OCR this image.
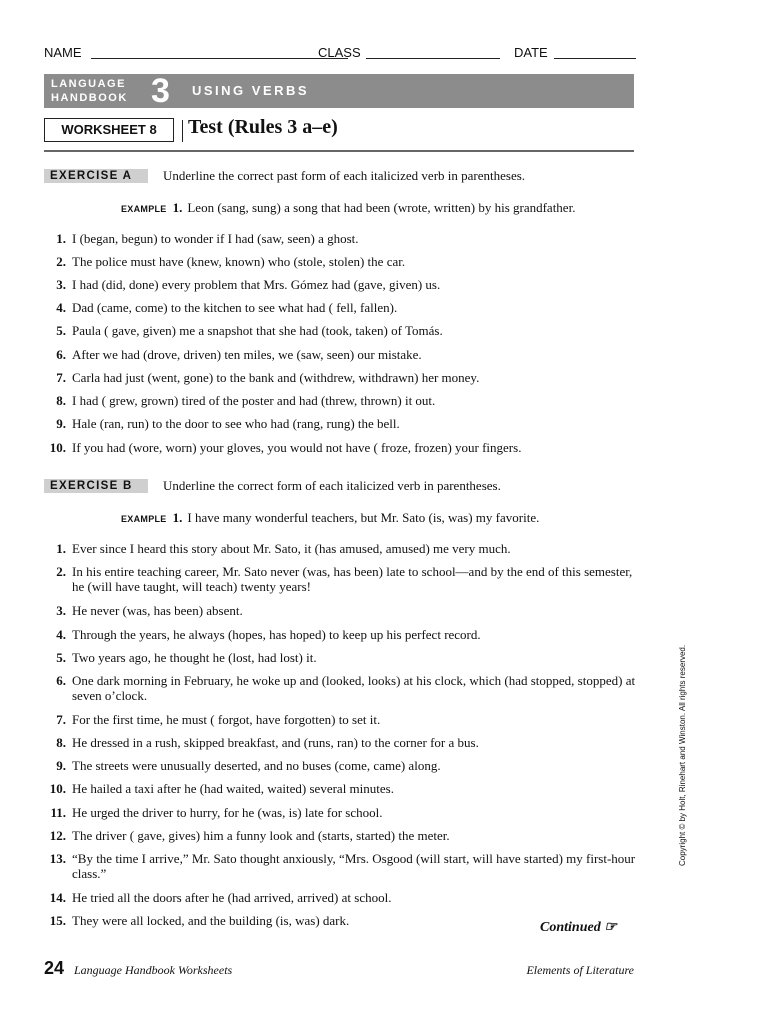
NAME	CLASS	DATE
LANGUAGE
HANDBOOK 3 USING VERBS
WORKSHEET 8	Test (Rules 3 a–e)
EXERCISE A	Underline the correct past form of each italicized verb in parentheses.
EXAMPLE 1. Leon (sang, sung) a song that had been (wrote, written) by his grandfather.
1. I (began, begun) to wonder if I had (saw, seen) a ghost.
2. The police must have (knew, known) who (stole, stolen) the car.
3. I had (did, done) every problem that Mrs. Gómez had (gave, given) us.
4. Dad (came, come) to the kitchen to see what had ( fell, fallen).
5. Paula ( gave, given) me a snapshot that she had (took, taken) of Tomás.
6. After we had (drove, driven) ten miles, we (saw, seen) our mistake.
7. Carla had just (went, gone) to the bank and (withdrew, withdrawn) her money.
8. I had ( grew, grown) tired of the poster and had (threw, thrown) it out.
9. Hale (ran, run) to the door to see who had (rang, rung) the bell.
10. If you had (wore, worn) your gloves, you would not have ( froze, frozen) your fingers.
EXERCISE B	Underline the correct form of each italicized verb in parentheses.
EXAMPLE 1. I have many wonderful teachers, but Mr. Sato (is, was) my favorite.
1. Ever since I heard this story about Mr. Sato, it (has amused, amused) me very much.
2. In his entire teaching career, Mr. Sato never (was, has been) late to school—and by the end of this semester, he (will have taught, will teach) twenty years!
3. He never (was, has been) absent.
4. Through the years, he always (hopes, has hoped) to keep up his perfect record.
5. Two years ago, he thought he (lost, had lost) it.
6. One dark morning in February, he woke up and (looked, looks) at his clock, which (had stopped, stopped) at seven o’clock.
7. For the first time, he must ( forgot, have forgotten) to set it.
8. He dressed in a rush, skipped breakfast, and (runs, ran) to the corner for a bus.
9. The streets were unusually deserted, and no buses (come, came) along.
10. He hailed a taxi after he (had waited, waited) several minutes.
11. He urged the driver to hurry, for he (was, is) late for school.
12. The driver ( gave, gives) him a funny look and (starts, started) the meter.
13. “By the time I arrive,” Mr. Sato thought anxiously, “Mrs. Osgood (will start, will have started) my first-hour class.”
14. He tried all the doors after he (had arrived, arrived) at school.
15. They were all locked, and the building (is, was) dark.
Copyright © by Holt, Rinehart and Winston. All rights reserved.
Continued ☞
24 Language Handbook Worksheets	Elements of Literature
